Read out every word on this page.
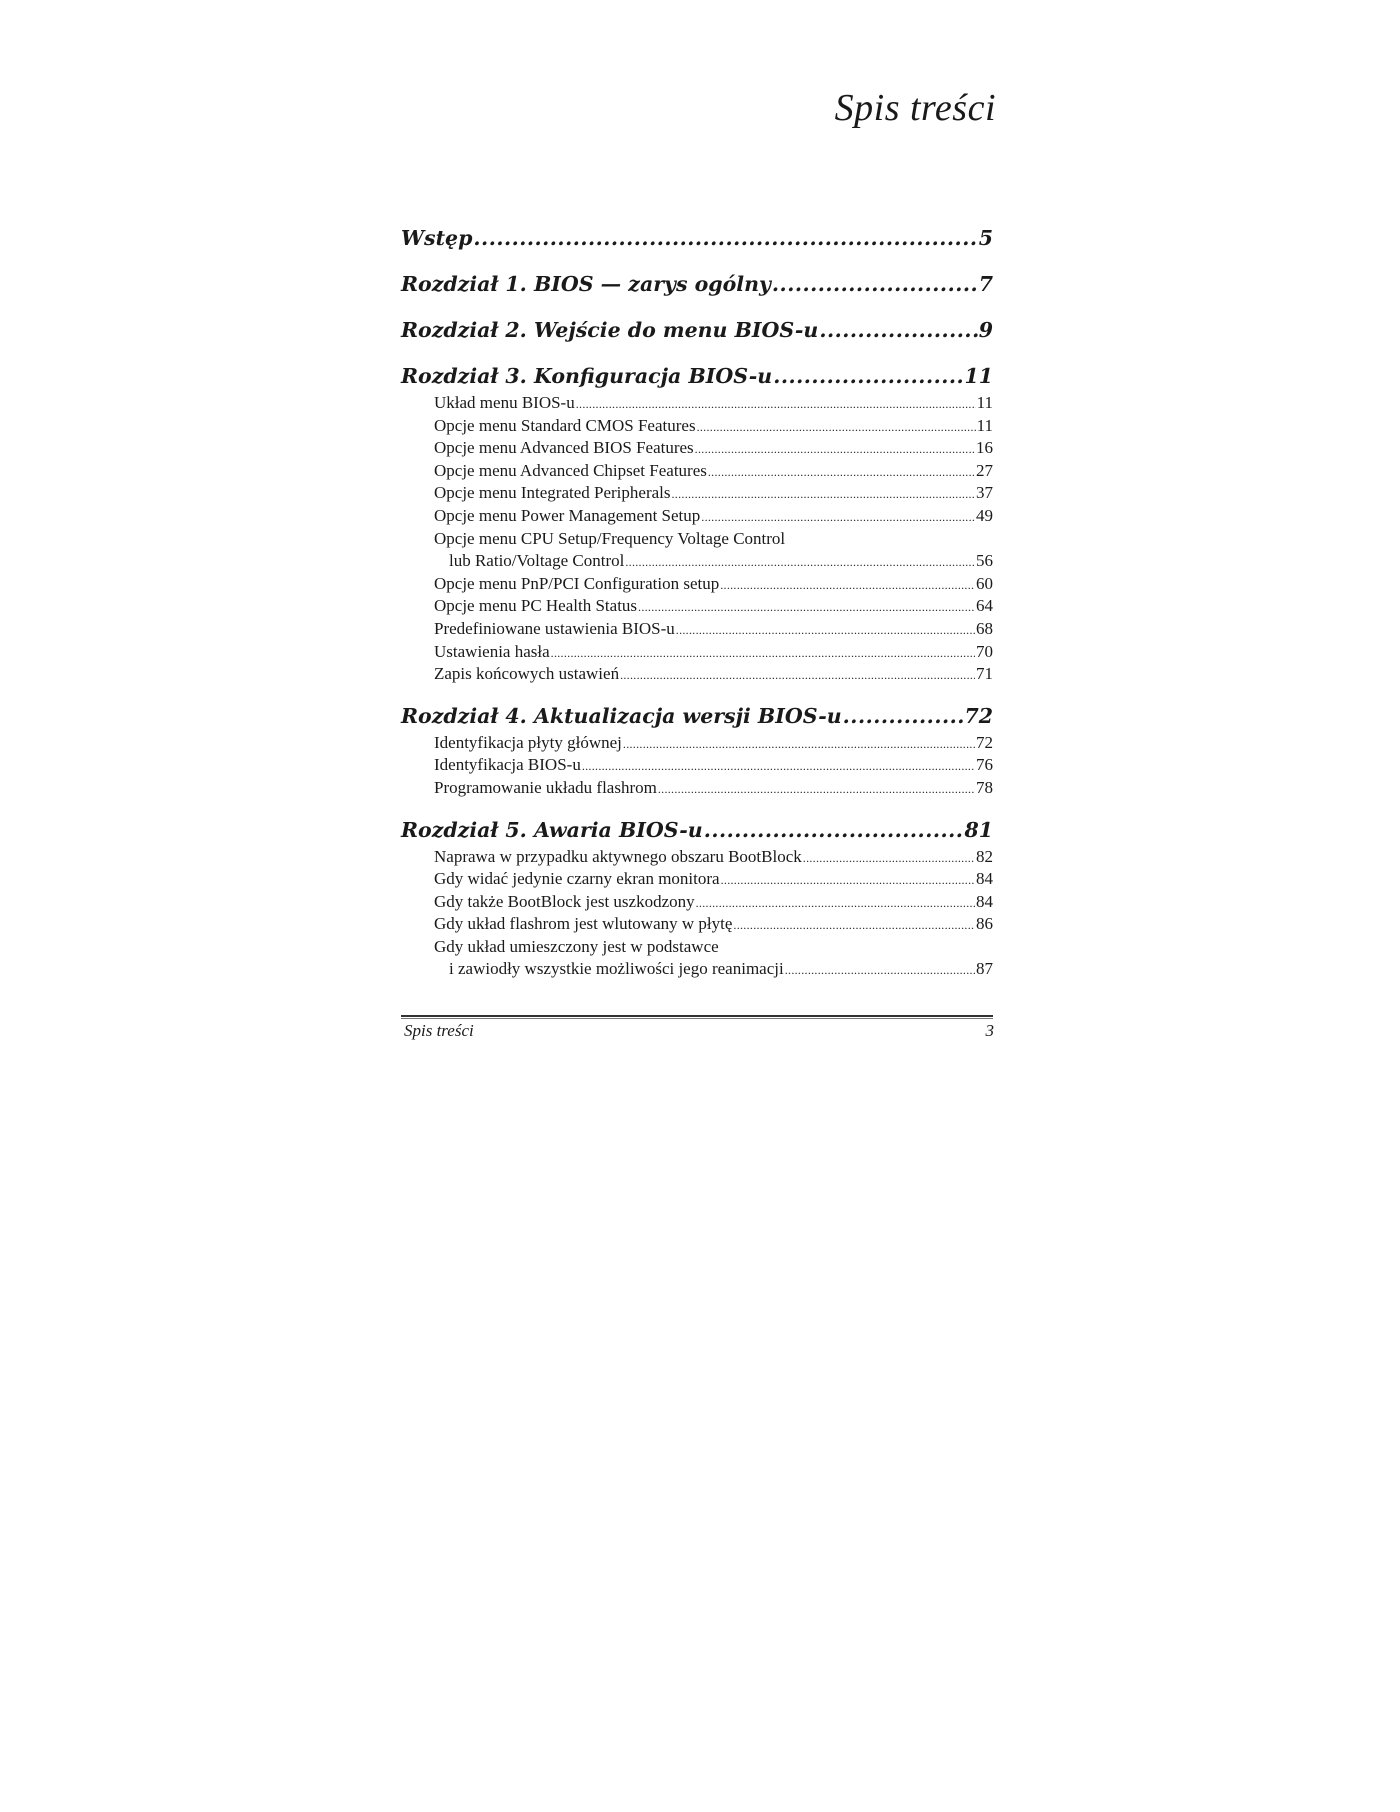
Spis treści
Wstęp .....	5
Rozdział 1. BIOS — zarys ogólny .....	7
Rozdział 2. Wejście do menu BIOS-u .....	9
Rozdział 3. Konfiguracja BIOS-u .....	11
Układ menu BIOS-u .....	11
Opcje menu Standard CMOS Features .....	11
Opcje menu Advanced BIOS Features .....	16
Opcje menu Advanced Chipset Features .....	27
Opcje menu Integrated Peripherals .....	37
Opcje menu Power Management Setup .....	49
Opcje menu CPU Setup/Frequency Voltage Control
lub Ratio/Voltage Control .....	56
Opcje menu PnP/PCI Configuration setup .....	60
Opcje menu PC Health Status .....	64
Predefiniowane ustawienia BIOS-u .....	68
Ustawienia hasła .....	70
Zapis końcowych ustawień .....	71
Rozdział 4. Aktualizacja wersji BIOS-u .....	72
Identyfikacja płyty głównej .....	72
Identyfikacja BIOS-u .....	76
Programowanie układu flashrom .....	78
Rozdział 5. Awaria BIOS-u .....	81
Naprawa w przypadku aktywnego obszaru BootBlock .....	82
Gdy widać jedynie czarny ekran monitora .....	84
Gdy także BootBlock jest uszkodzony .....	84
Gdy układ flashrom jest wlutowany w płytę .....	86
Gdy układ umieszczony jest w podstawce
i zawiodły wszystkie możliwości jego reanimacji .....	87
Spis treści	3
